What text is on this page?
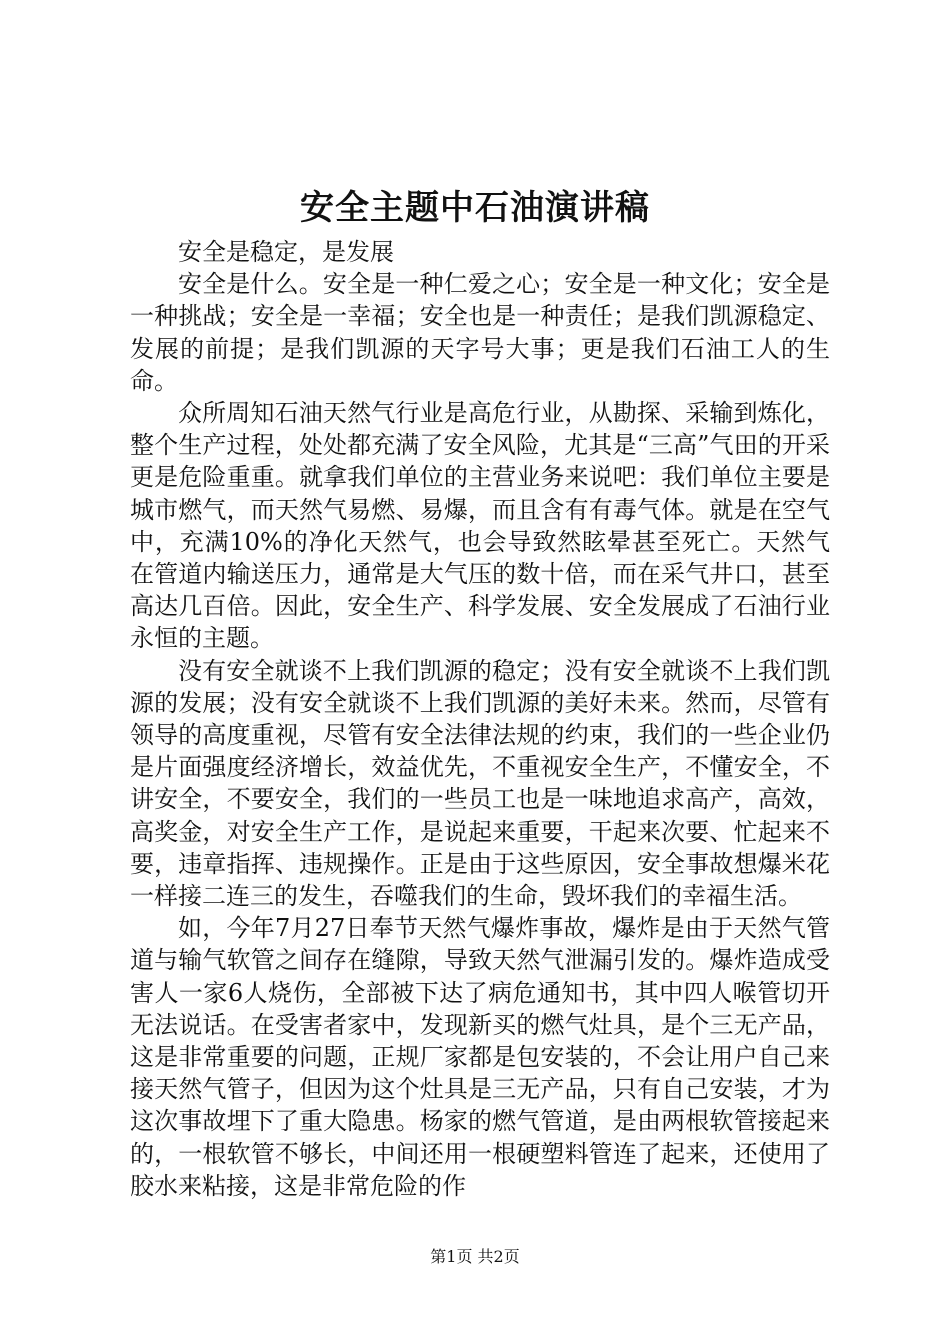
安全主题中石油演讲稿

安全是稳定，是发展

安全是什么。安全是一种仁爱之心；安全是一种文化；安全是一种挑战；安全是一幸福；安全也是一种责任；是我们凯源稳定、发展的前提；是我们凯源的天字号大事；更是我们石油工人的生命。

众所周知石油天然气行业是高危行业，从勘探、采输到炼化，整个生产过程，处处都充满了安全风险，尤其是“三高”气田的开采更是危险重重。就拿我们单位的主营业务来说吧：我们单位主要是城市燃气，而天然气易燃、易爆，而且含有有毒气体。就是在空气中，充满10%的净化天然气，也会导致然眩晕甚至死亡。天然气在管道内输送压力，通常是大气压的数十倍，而在采气井口，甚至高达几百倍。因此，安全生产、科学发展、安全发展成了石油行业永恒的主题。

没有安全就谈不上我们凯源的稳定；没有安全就谈不上我们凯源的发展；没有安全就谈不上我们凯源的美好未来。然而，尽管有领导的高度重视，尽管有安全法律法规的约束，我们的一些企业仍是片面强度经济增长，效益优先，不重视安全生产，不懂安全，不讲安全，不要安全，我们的一些员工也是一味地追求高产，高效，高奖金，对安全生产工作，是说起来重要，干起来次要、忙起来不要，违章指挥、违规操作。正是由于这些原因，安全事故想爆米花一样接二连三的发生，吞噬我们的生命，毁坏我们的幸福生活。

如，今年7月27日奉节天然气爆炸事故，爆炸是由于天然气管道与输气软管之间存在缝隙，导致天然气泄漏引发的。爆炸造成受害人一家6人烧伤，全部被下达了病危通知书，其中四人喉管切开无法说话。在受害者家中，发现新买的燃气灶具，是个三无产品，这是非常重要的问题，正规厂家都是包安装的，不会让用户自己来接天然气管子，但因为这个灶具是三无产品，只有自己安装，才为这次事故埋下了重大隐患。杨家的燃气管道，是由两根软管接起来的，一根软管不够长，中间还用一根硬塑料管连了起来，还使用了胶水来粘接，这是非常危险的作

第1页 共2页
